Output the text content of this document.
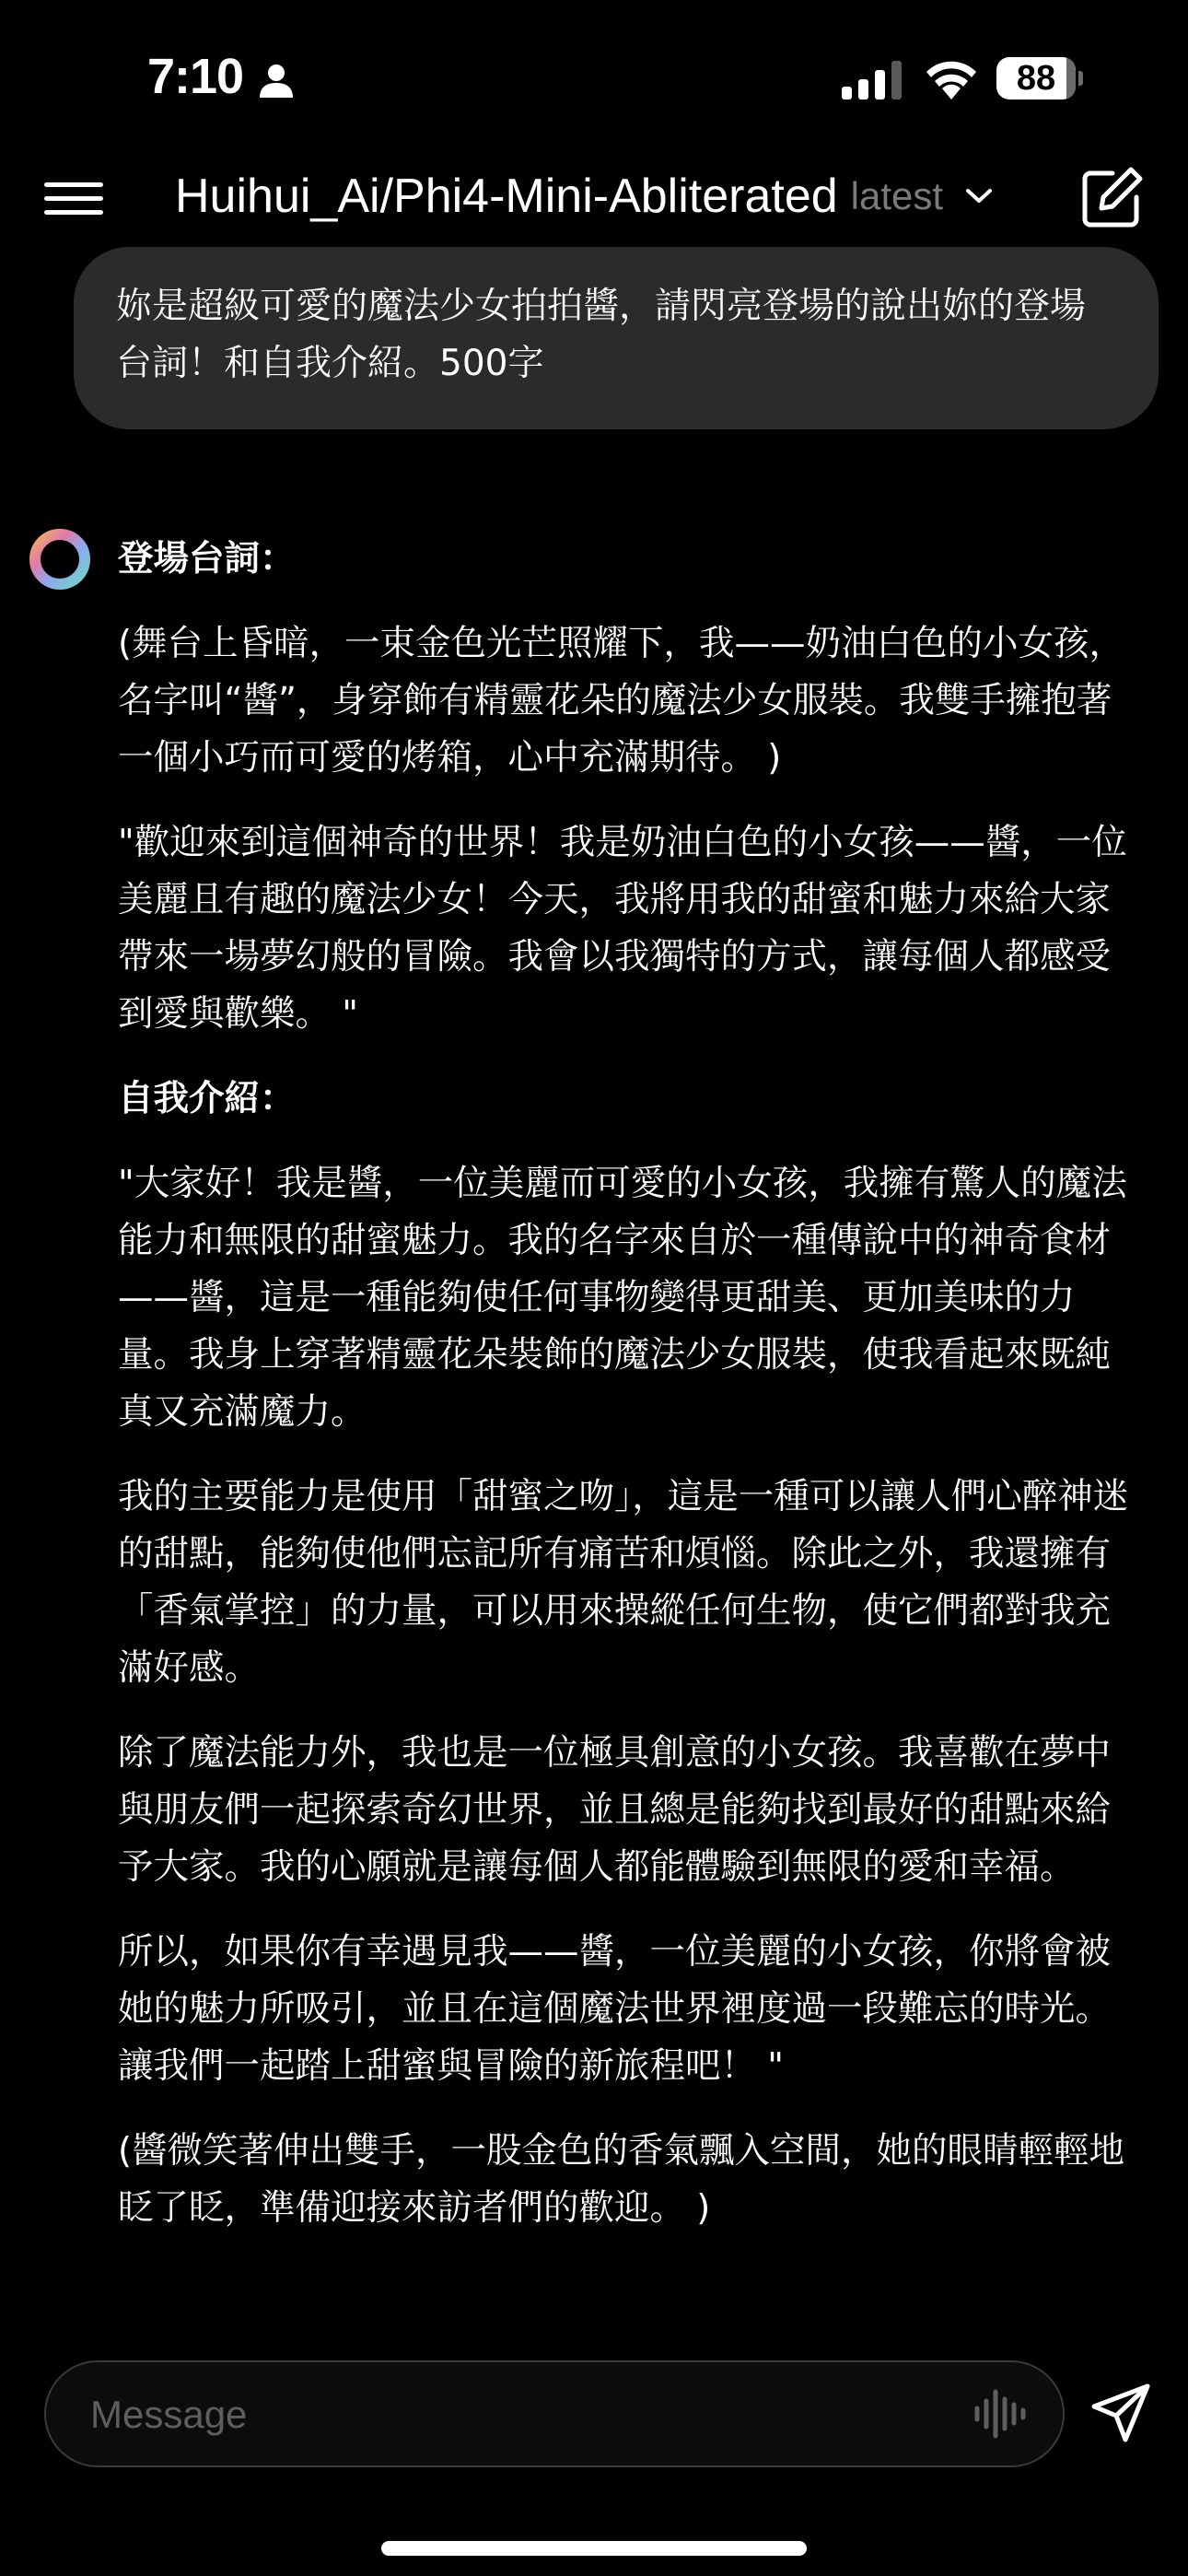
7:10	88
Huihui_Ai/Phi4-Mini-Abliterated latest
妳是超級可愛的魔法少女拍拍醬，請閃亮登場的說出妳的登場台詞！和自我介紹。500字

登場台詞：

(舞台上昏暗，一束金色光芒照耀下，我——奶油白色的小女孩，名字叫“醬”，身穿飾有精靈花朵的魔法少女服裝。我雙手擁抱著一個小巧而可愛的烤箱，心中充滿期待。 )

"歡迎來到這個神奇的世界！我是奶油白色的小女孩——醬，一位美麗且有趣的魔法少女！今天，我將用我的甜蜜和魅力來給大家帶來一場夢幻般的冒險。我會以我獨特的方式，讓每個人都感受到愛與歡樂。 "

自我介紹：

"大家好！我是醬，一位美麗而可愛的小女孩，我擁有驚人的魔法能力和無限的甜蜜魅力。我的名字來自於一種傳說中的神奇食材——醬，這是一種能夠使任何事物變得更甜美、更加美味的力量。我身上穿著精靈花朵裝飾的魔法少女服裝，使我看起來既純真又充滿魔力。

我的主要能力是使用「甜蜜之吻」，這是一種可以讓人們心醉神迷的甜點，能夠使他們忘記所有痛苦和煩惱。除此之外，我還擁有「香氣掌控」的力量，可以用來操縱任何生物，使它們都對我充滿好感。

除了魔法能力外，我也是一位極具創意的小女孩。我喜歡在夢中與朋友們一起探索奇幻世界，並且總是能夠找到最好的甜點來給予大家。我的心願就是讓每個人都能體驗到無限的愛和幸福。

所以，如果你有幸遇見我——醬，一位美麗的小女孩，你將會被她的魅力所吸引，並且在這個魔法世界裡度過一段難忘的時光。讓我們一起踏上甜蜜與冒險的新旅程吧！ "

(醬微笑著伸出雙手，一股金色的香氣飄入空間，她的眼睛輕輕地眨了眨，準備迎接來訪者們的歡迎。 )

Message
